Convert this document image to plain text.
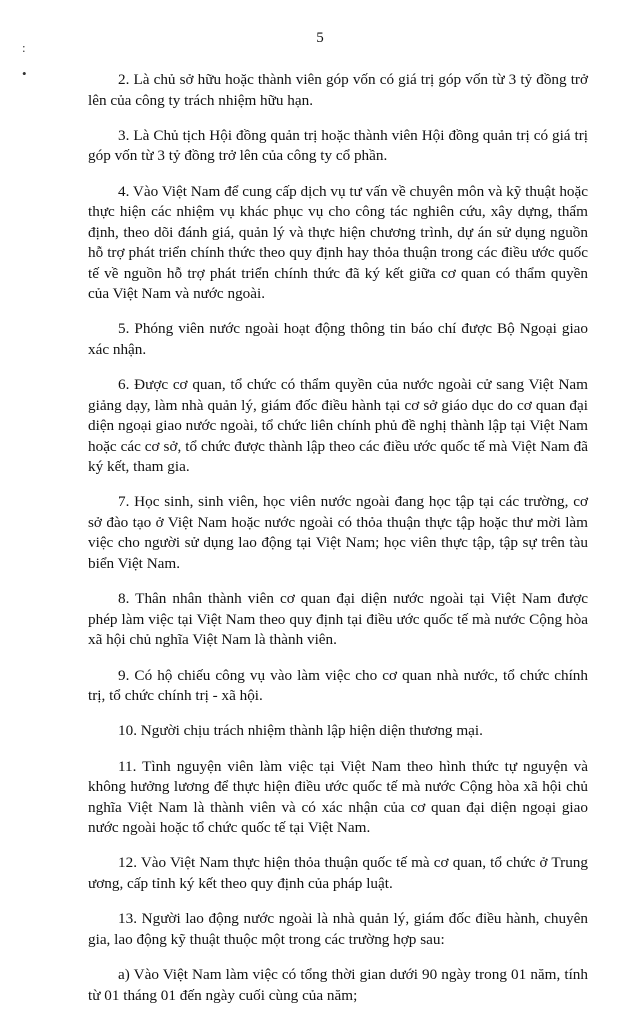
:
•
5

2. Là chủ sở hữu hoặc thành viên góp vốn có giá trị góp vốn từ 3 tỷ đồng trở lên của công ty trách nhiệm hữu hạn.

3. Là Chủ tịch Hội đồng quản trị hoặc thành viên Hội đồng quản trị có giá trị góp vốn từ 3 tỷ đồng trở lên của công ty cổ phần.

4. Vào Việt Nam để cung cấp dịch vụ tư vấn về chuyên môn và kỹ thuật hoặc thực hiện các nhiệm vụ khác phục vụ cho công tác nghiên cứu, xây dựng, thẩm định, theo dõi đánh giá, quản lý và thực hiện chương trình, dự án sử dụng nguồn hỗ trợ phát triển chính thức theo quy định hay thỏa thuận trong các điều ước quốc tế về nguồn hỗ trợ phát triển chính thức đã ký kết giữa cơ quan có thẩm quyền của Việt Nam và nước ngoài.

5. Phóng viên nước ngoài hoạt động thông tin báo chí được Bộ Ngoại giao xác nhận.

6. Được cơ quan, tổ chức có thẩm quyền của nước ngoài cử sang Việt Nam giảng dạy, làm nhà quản lý, giám đốc điều hành tại cơ sở giáo dục do cơ quan đại diện ngoại giao nước ngoài, tổ chức liên chính phủ đề nghị thành lập tại Việt Nam hoặc các cơ sở, tổ chức được thành lập theo các điều ước quốc tế mà Việt Nam đã ký kết, tham gia.

7. Học sinh, sinh viên, học viên nước ngoài đang học tập tại các trường, cơ sở đào tạo ở Việt Nam hoặc nước ngoài có thỏa thuận thực tập hoặc thư mời làm việc cho người sử dụng lao động tại Việt Nam; học viên thực tập, tập sự trên tàu biển Việt Nam.

8. Thân nhân thành viên cơ quan đại diện nước ngoài tại Việt Nam được phép làm việc tại Việt Nam theo quy định tại điều ước quốc tế mà nước Cộng hòa xã hội chủ nghĩa Việt Nam là thành viên.

9. Có hộ chiếu công vụ vào làm việc cho cơ quan nhà nước, tổ chức chính trị, tổ chức chính trị - xã hội.

10. Người chịu trách nhiệm thành lập hiện diện thương mại.

11. Tình nguyện viên làm việc tại Việt Nam theo hình thức tự nguyện và không hưởng lương để thực hiện điều ước quốc tế mà nước Cộng hòa xã hội chủ nghĩa Việt Nam là thành viên và có xác nhận của cơ quan đại diện ngoại giao nước ngoài hoặc tổ chức quốc tế tại Việt Nam.

12. Vào Việt Nam thực hiện thỏa thuận quốc tế mà cơ quan, tổ chức ở Trung ương, cấp tỉnh ký kết theo quy định của pháp luật.

13. Người lao động nước ngoài là nhà quản lý, giám đốc điều hành, chuyên gia, lao động kỹ thuật thuộc một trong các trường hợp sau:

a) Vào Việt Nam làm việc có tổng thời gian dưới 90 ngày trong 01 năm, tính từ 01 tháng 01 đến ngày cuối cùng của năm;
